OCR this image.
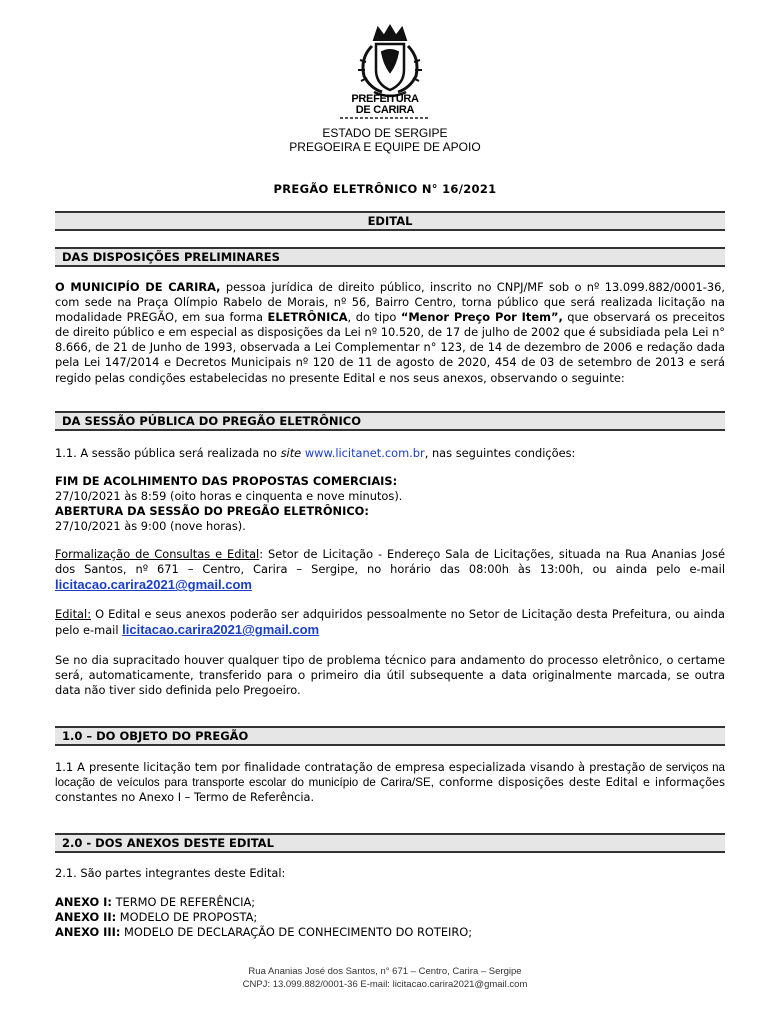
PREFEITURA
DE CARIRA
ESTADO DE SERGIPE
PREGOEIRA E EQUIPE DE APOIO
PREGÃO ELETRÔNICO N° 16/2021
EDITAL
DAS DISPOSIÇÕES PRELIMINARES
O MUNICIPÍO DE CARIRA, pessoa jurídica de direito público, inscrito no CNPJ/MF sob o nº 13.099.882/0001-36, com sede na Praça Olímpio Rabelo de Morais, nº 56, Bairro Centro, torna público que será realizada licitação na modalidade PREGÃO, em sua forma ELETRÔNICA, do tipo “Menor Preço Por Item”, que observará os preceitos de direito público e em especial as disposições da Lei nº 10.520, de 17 de julho de 2002 que é subsidiada pela Lei n° 8.666, de 21 de Junho de 1993, observada a Lei Complementar n° 123, de 14 de dezembro de 2006 e redação dada pela Lei 147/2014 e Decretos Municipais nº 120 de 11 de agosto de 2020, 454 de 03 de setembro de 2013 e será regido pelas condições estabelecidas no presente Edital e nos seus anexos, observando o seguinte:
DA SESSÃO PÚBLICA DO PREGÃO ELETRÔNICO
1.1. A sessão pública será realizada no site www.licitanet.com.br, nas seguintes condições:
FIM DE ACOLHIMENTO DAS PROPOSTAS COMERCIAIS:
27/10/2021 às 8:59 (oito horas e cinquenta e nove minutos).
ABERTURA DA SESSÃO DO PREGÃO ELETRÔNICO:
27/10/2021 às 9:00 (nove horas).
Formalização de Consultas e Edital: Setor de Licitação - Endereço Sala de Licitações, situada na Rua Ananias José dos Santos, nº 671 – Centro, Carira – Sergipe, no horário das 08:00h às 13:00h, ou ainda pelo e-mail licitacao.carira2021@gmail.com
Edital: O Edital e seus anexos poderão ser adquiridos pessoalmente no Setor de Licitação desta Prefeitura, ou ainda pelo e-mail licitacao.carira2021@gmail.com
Se no dia supracitado houver qualquer tipo de problema técnico para andamento do processo eletrônico, o certame será, automaticamente, transferido para o primeiro dia útil subsequente a data originalmente marcada, se outra data não tiver sido definida pelo Pregoeiro.
1.0 – DO OBJETO DO PREGÃO
1.1 A presente licitação tem por finalidade contratação de empresa especializada visando à prestação de serviços na locação de veículos para transporte escolar do município de Carira/SE, conforme disposições deste Edital e informações constantes no Anexo I – Termo de Referência.
2.0 - DOS ANEXOS DESTE EDITAL
2.1. São partes integrantes deste Edital:
ANEXO I: TERMO DE REFERÊNCIA;
ANEXO II: MODELO DE PROPOSTA;
ANEXO III: MODELO DE DECLARAÇÃO DE CONHECIMENTO DO ROTEIRO;
Rua Ananias José dos Santos, n° 671 – Centro, Carira – Sergipe
CNPJ: 13.099.882/0001-36 E-mail: licitacao.carira2021@gmail.com
